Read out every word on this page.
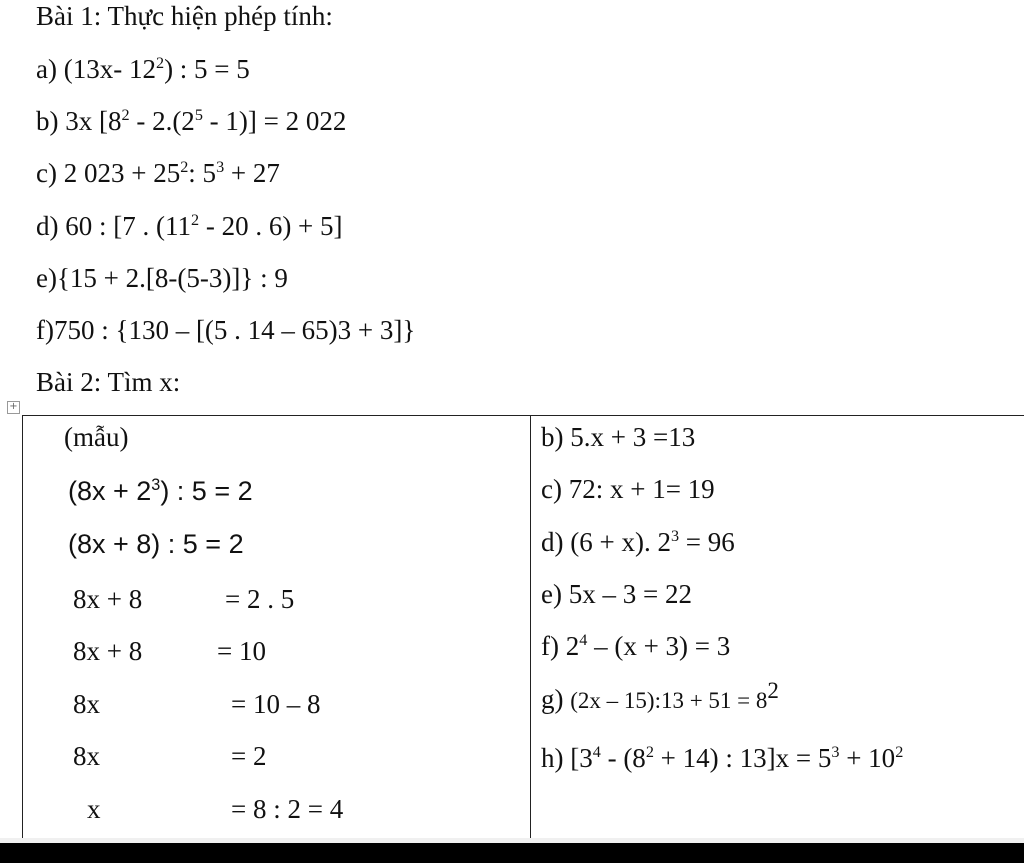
Bài 1: Thực hiện phép tính:
a) (13x- $12^2$) : 5 = 5
b) 3x $[8^2 - 2.(2^5 - 1)] = 2$ 022
c) 2 $023 + 25^2$: $5^3 + 27$
d) 60 : [7 . ($11^2 - 20$ . 6) + 5]
e){15 + 2.[8-(5-3)]} : 9
f)750 : {130 – [(5 . 14 – 65)3 + 3]}
Bài 2: Tìm x:
+
(mẫu)
$(8x + 2^3)$ : 5 = 2
(8x + 8) : 5 = 2
8x + 8	= 2 . 5
8x + 8	= 10
8x	= 10 – 8
8x	= 2
x	= 8 : 2 = 4
b) 5.x + 3 =13
c) 72: x + 1= 19
d) (6 + x). $2^3 = 96$
e) 5x – 3 = 22
f) $2^4 - (x + 3) = 3$
g) (2x – 15):13 + $51 = 8^2$
h) [$3^4 - (8^2 + 14)$ : $13]x = 5^3 + 10^2$
